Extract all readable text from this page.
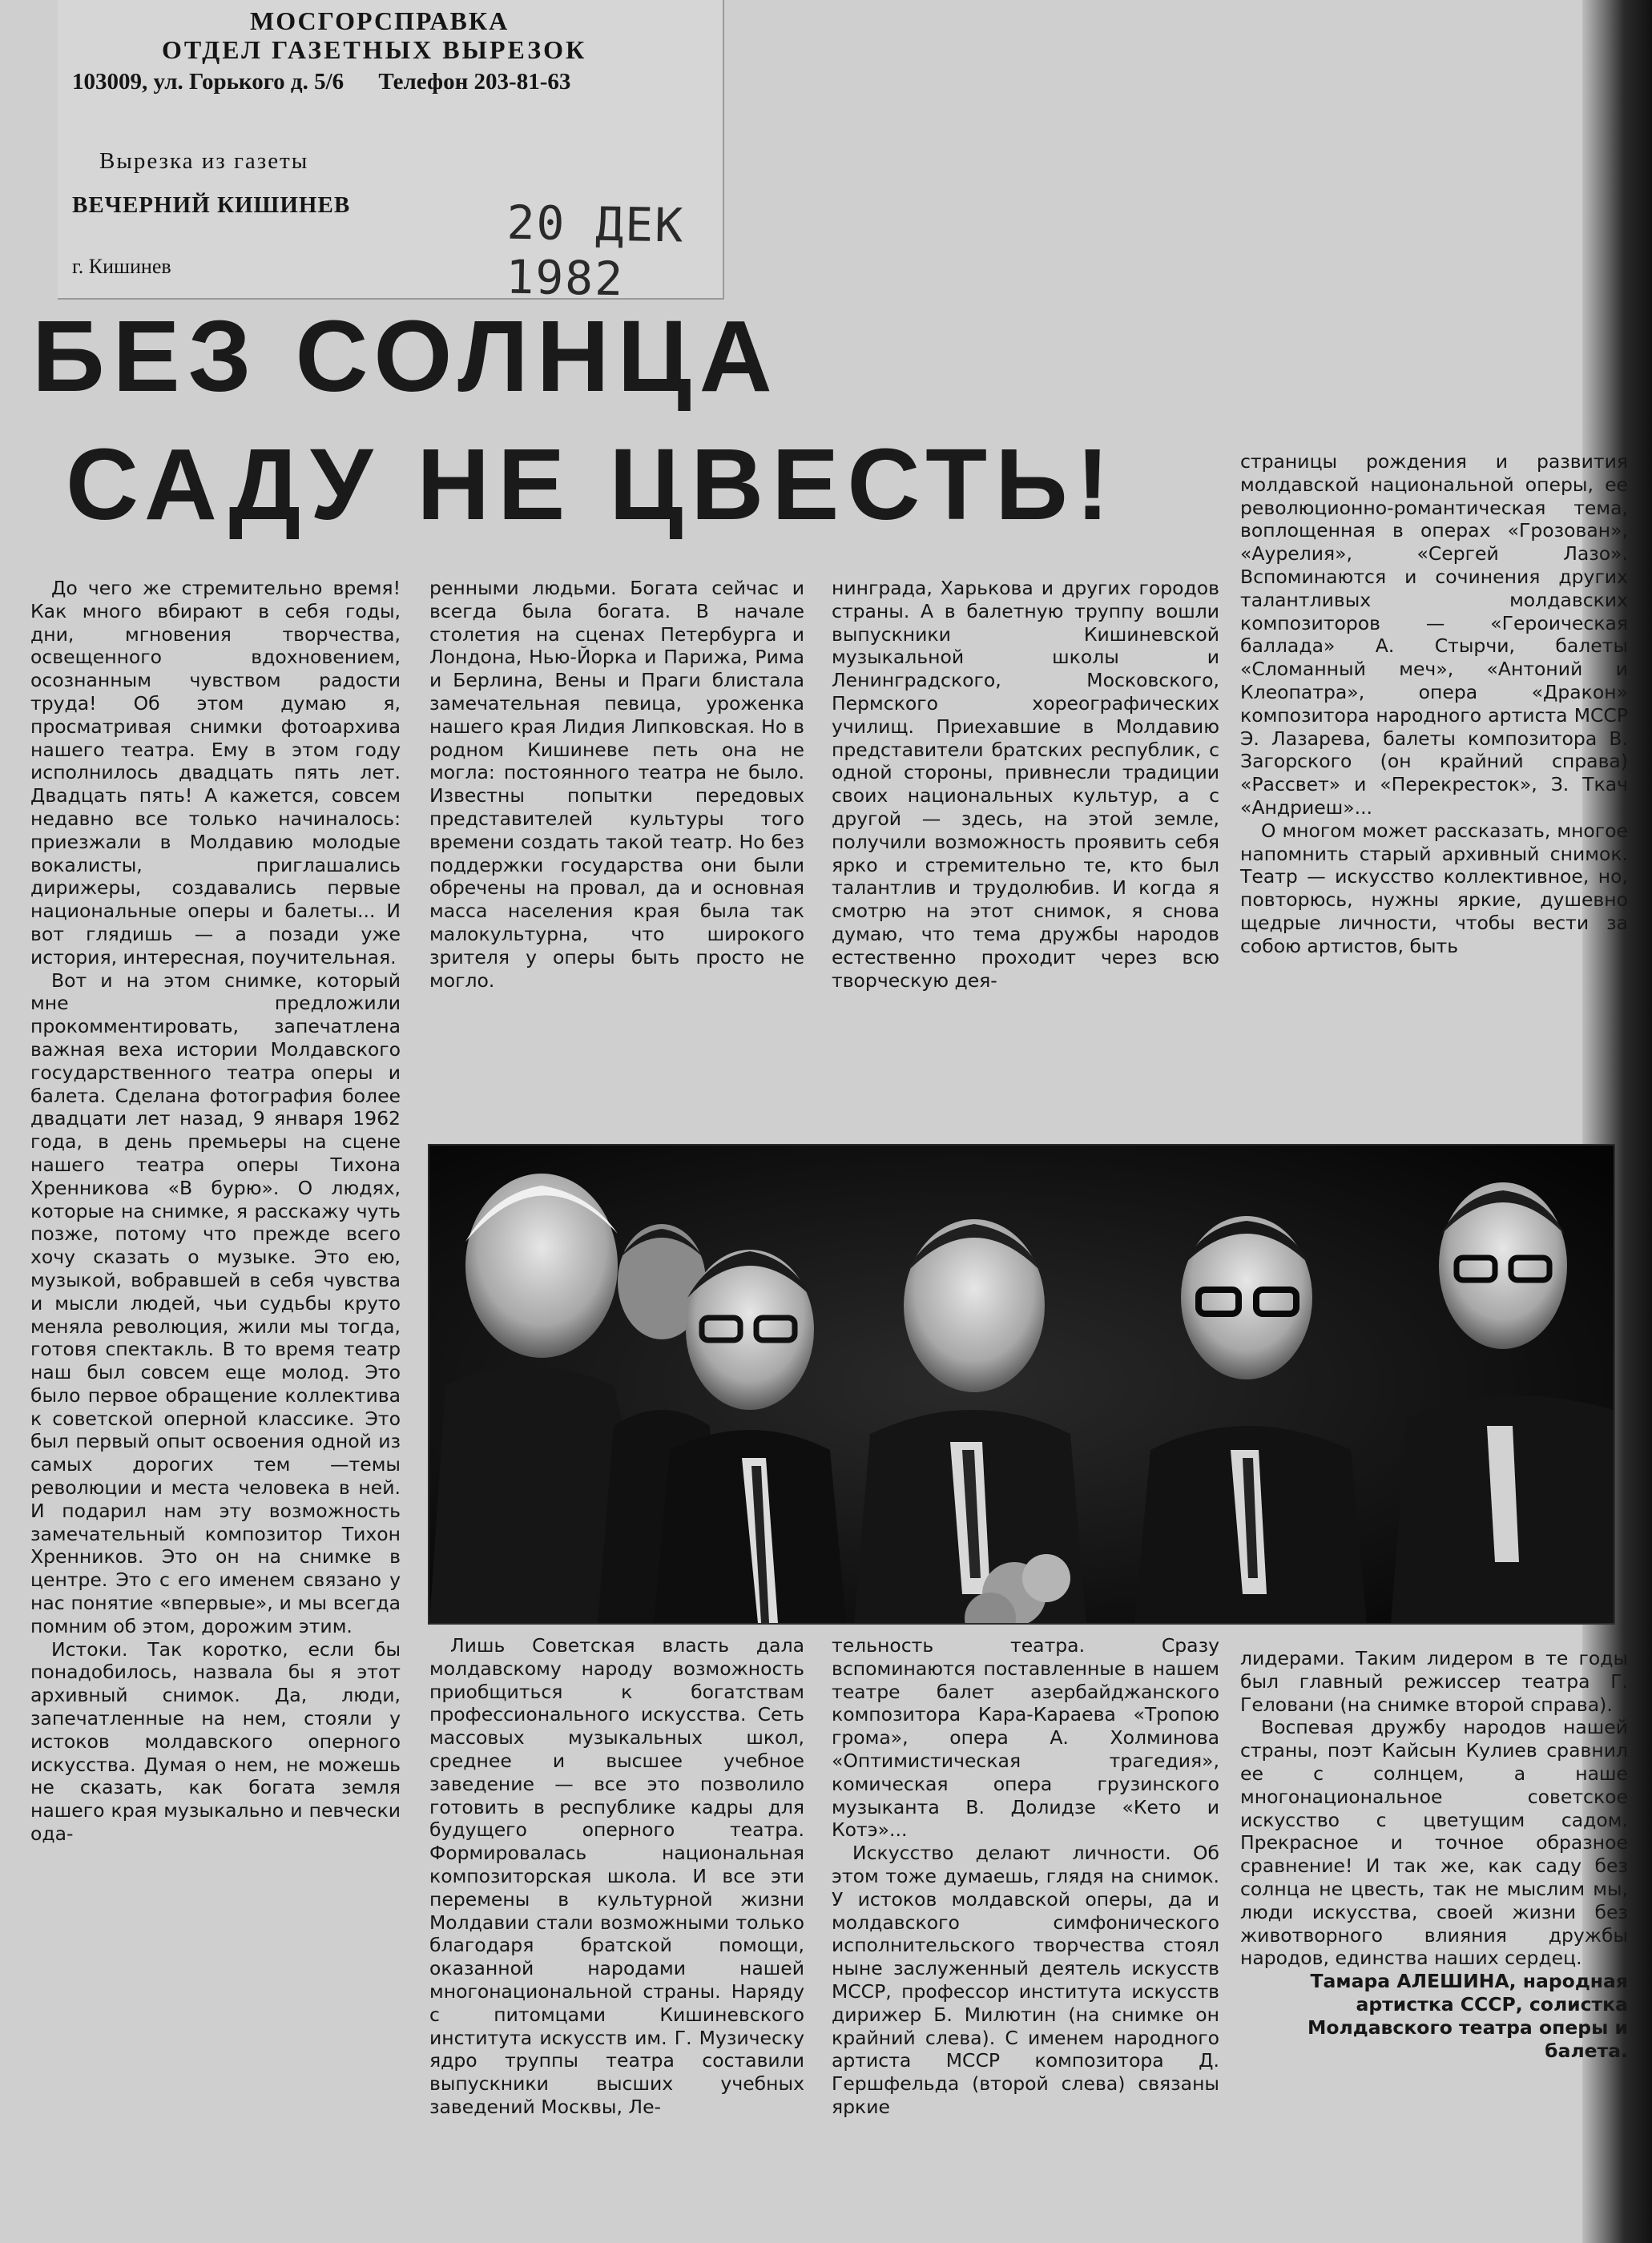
МОСГОРСПРАВКА
ОТДЕЛ ГАЗЕТНЫХ ВЫРЕЗОК
103009, ул. Горького д. 5/6 Телефон 203-81-63
Вырезка из газеты
ВЕЧЕРНИЙ КИШИНЕВ
г. Кишинев
20 ДЕК 1982
БЕЗ СОЛНЦА
САДУ НЕ ЦВЕСТЬ!

До чего же стремительно время! Как много вбирают в себя годы, дни, мгновения творчества, освещенного вдохновением, осознанным чувством радости труда! Об этом думаю я, просматривая снимки фотоархива нашего театра. Ему в этом году исполнилось двадцать пять лет. Двадцать пять! А кажется, совсем недавно все только начиналось: приезжали в Молдавию молодые вокалисты, приглашались дирижеры, создавались первые национальные оперы и балеты... И вот глядишь — а позади уже история, интересная, поучительная.

Вот и на этом снимке, который мне предложили прокомментировать, запечатлена важная веха истории Молдавского государственного театра оперы и балета. Сделана фотография более двадцати лет назад, 9 января 1962 года, в день премьеры на сцене нашего театра оперы Тихона Хренникова «В бурю». О людях, которые на снимке, я расскажу чуть позже, потому что прежде всего хочу сказать о музыке. Это ею, музыкой, вобравшей в себя чувства и мысли людей, чьи судьбы круто меняла революция, жили мы тогда, готовя спектакль. В то время театр наш был совсем еще молод. Это было первое обращение коллектива к советской оперной классике. Это был первый опыт освоения одной из самых дорогих тем —темы революции и места человека в ней. И подарил нам эту возможность замечательный композитор Тихон Хренников. Это он на снимке в центре. Это с его именем связано у нас понятие «впервые», и мы всегда помним об этом, дорожим этим.

Истоки. Так коротко, если бы понадобилось, назвала бы я этот архивный снимок. Да, люди, запечатленные на нем, стояли у истоков молдавского оперного искусства. Думая о нем, не можешь не сказать, как богата земля нашего края музыкально и певчески ода-

ренными людьми. Богата сейчас и всегда была богата. В начале столетия на сценах Петербурга и Лондона, Нью-Йорка и Парижа, Рима и Берлина, Вены и Праги блистала замечательная певица, уроженка нашего края Лидия Липковская. Но в родном Кишиневе петь она не могла: постоянного театра не было. Известны попытки передовых представителей культуры того времени создать такой театр. Но без поддержки государства они были обречены на провал, да и основная масса населения края была так малокультурна, что широкого зрителя у оперы быть просто не могло.

нинграда, Харькова и других городов страны. А в балетную труппу вошли выпускники Кишиневской музыкальной школы и Ленинградского, Московского, Пермского хореографических училищ. Приехавшие в Молдавию представители братских республик, с одной стороны, привнесли традиции своих национальных культур, а с другой — здесь, на этой земле, получили возможность проявить себя ярко и стремительно те, кто был талантлив и трудолюбив. И когда я смотрю на этот снимок, я снова думаю, что тема дружбы народов естественно проходит через всю творческую дея-

страницы рождения и развития молдавской национальной оперы, ее революционно-романтическая тема, воплощенная в операх «Грозован», «Аурелия», «Сергей Лазо». Вспоминаются и сочинения других талантливых молдавских композиторов — «Героическая баллада» А. Стырчи, балеты «Сломанный меч», «Антоний и Клеопатра», опера «Дракон» композитора народного артиста МССР Э. Лазарева, балеты композитора В. Загорского (он крайний справа) «Рассвет» и «Перекресток», З. Ткач «Андриеш»...

О многом может рассказать, многое напомнить старый архивный снимок. Театр — искусство коллективное, но, повторюсь, нужны яркие, душевно щедрые личности, чтобы вести за собою артистов, быть

Лишь Советская власть дала молдавскому народу возможность приобщиться к богатствам профессионального искусства. Сеть массовых музыкальных школ, среднее и высшее учебное заведение — все это позволило готовить в республике кадры для будущего оперного театра. Формировалась национальная композиторская школа. И все эти перемены в культурной жизни Молдавии стали возможными только благодаря братской помощи, оказанной народами нашей многонациональной страны. Наряду с питомцами Кишиневского института искусств им. Г. Музическу ядро труппы театра составили выпускники высших учебных заведений Москвы, Ле-

тельность театра. Сразу вспоминаются поставленные в нашем театре балет азербайджанского композитора Кара-Караева «Тропою грома», опера А. Холминова «Оптимистическая трагедия», комическая опера грузинского музыканта В. Долидзе «Кето и Котэ»...

Искусство делают личности. Об этом тоже думаешь, глядя на снимок. У истоков молдавской оперы, да и молдавского симфонического исполнительского творчества стоял ныне заслуженный деятель искусств МССР, профессор института искусств дирижер Б. Милютин (на снимке он крайний слева). С именем народного артиста МССР композитора Д. Гершфельда (второй слева) связаны яркие

лидерами. Таким лидером в те годы был главный режиссер театра Г. Геловани (на снимке второй справа).

Воспевая дружбу народов нашей страны, поэт Кайсын Кулиев сравнил ее с солнцем, а наше многонациональное советское искусство с цветущим садом. Прекрасное и точное образное сравнение! И так же, как саду без солнца не цвесть, так не мыслим мы, люди искусства, своей жизни без животворного влияния дружбы народов, единства наших сердец.

Тамара АЛЕШИНА, народная артистка СССР, солистка Молдавского театра оперы и балета.
